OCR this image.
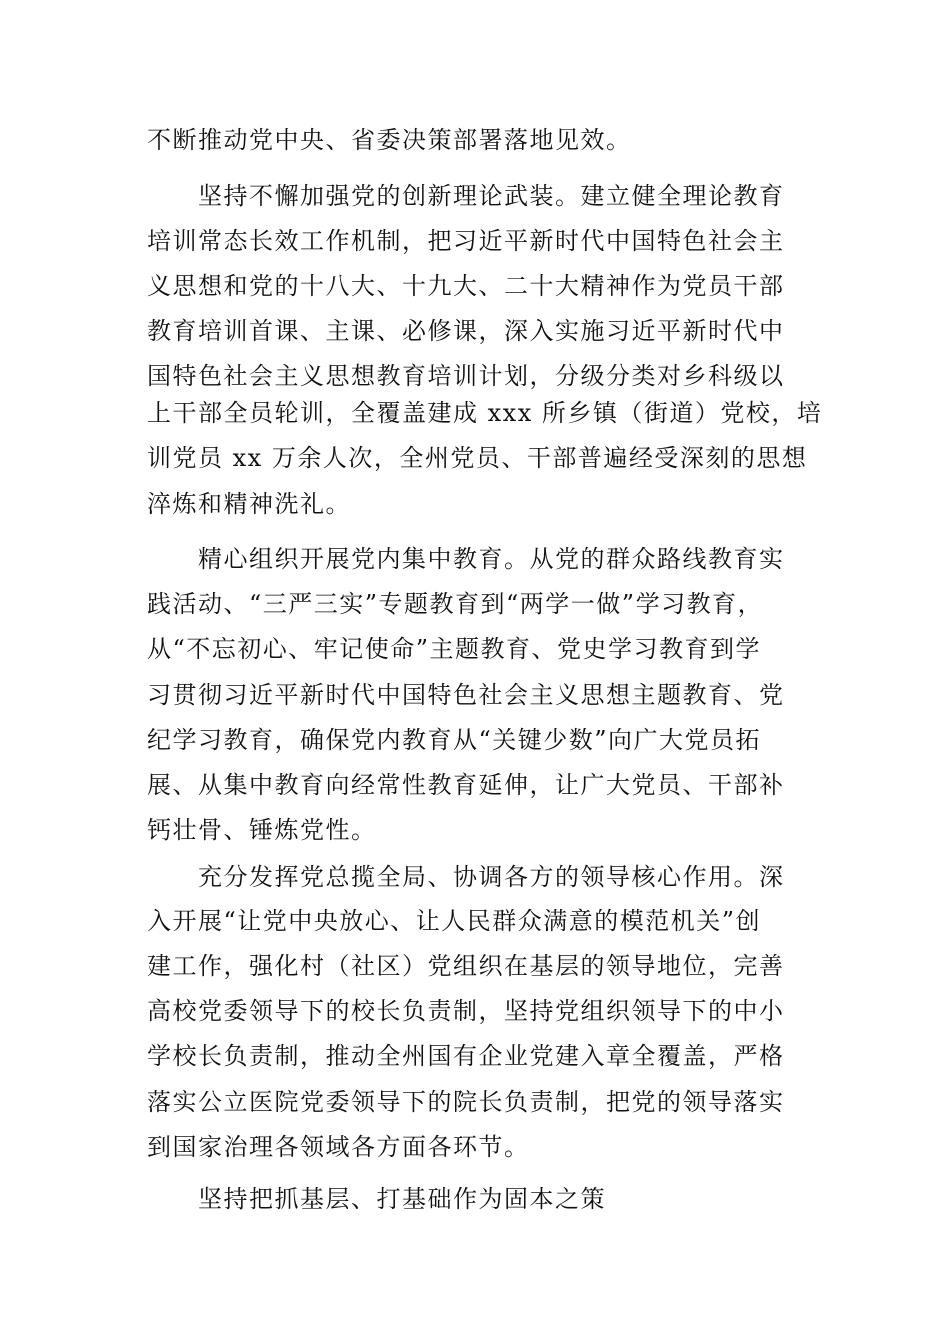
不断推动党中央、省委决策部署落地见效。
坚持不懈加强党的创新理论武装。建立健全理论教育
培训常态长效工作机制，把习近平新时代中国特色社会主
义思想和党的十八大、十九大、二十大精神作为党员干部
教育培训首课、主课、必修课，深入实施习近平新时代中
国特色社会主义思想教育培训计划，分级分类对乡科级以
上干部全员轮训，全覆盖建成 xxx 所乡镇（街道）党校，培
训党员 xx 万余人次，全州党员、干部普遍经受深刻的思想
淬炼和精神洗礼。
精心组织开展党内集中教育。从党的群众路线教育实
践活动、“三严三实”专题教育到“两学一做”学习教育，
从“不忘初心、牢记使命”主题教育、党史学习教育到学
习贯彻习近平新时代中国特色社会主义思想主题教育、党
纪学习教育，确保党内教育从“关键少数”向广大党员拓
展、从集中教育向经常性教育延伸，让广大党员、干部补
钙壮骨、锤炼党性。
充分发挥党总揽全局、协调各方的领导核心作用。深
入开展“让党中央放心、让人民群众满意的模范机关”创
建工作，强化村（社区）党组织在基层的领导地位，完善
高校党委领导下的校长负责制，坚持党组织领导下的中小
学校长负责制，推动全州国有企业党建入章全覆盖，严格
落实公立医院党委领导下的院长负责制，把党的领导落实
到国家治理各领域各方面各环节。
坚持把抓基层、打基础作为固本之策
